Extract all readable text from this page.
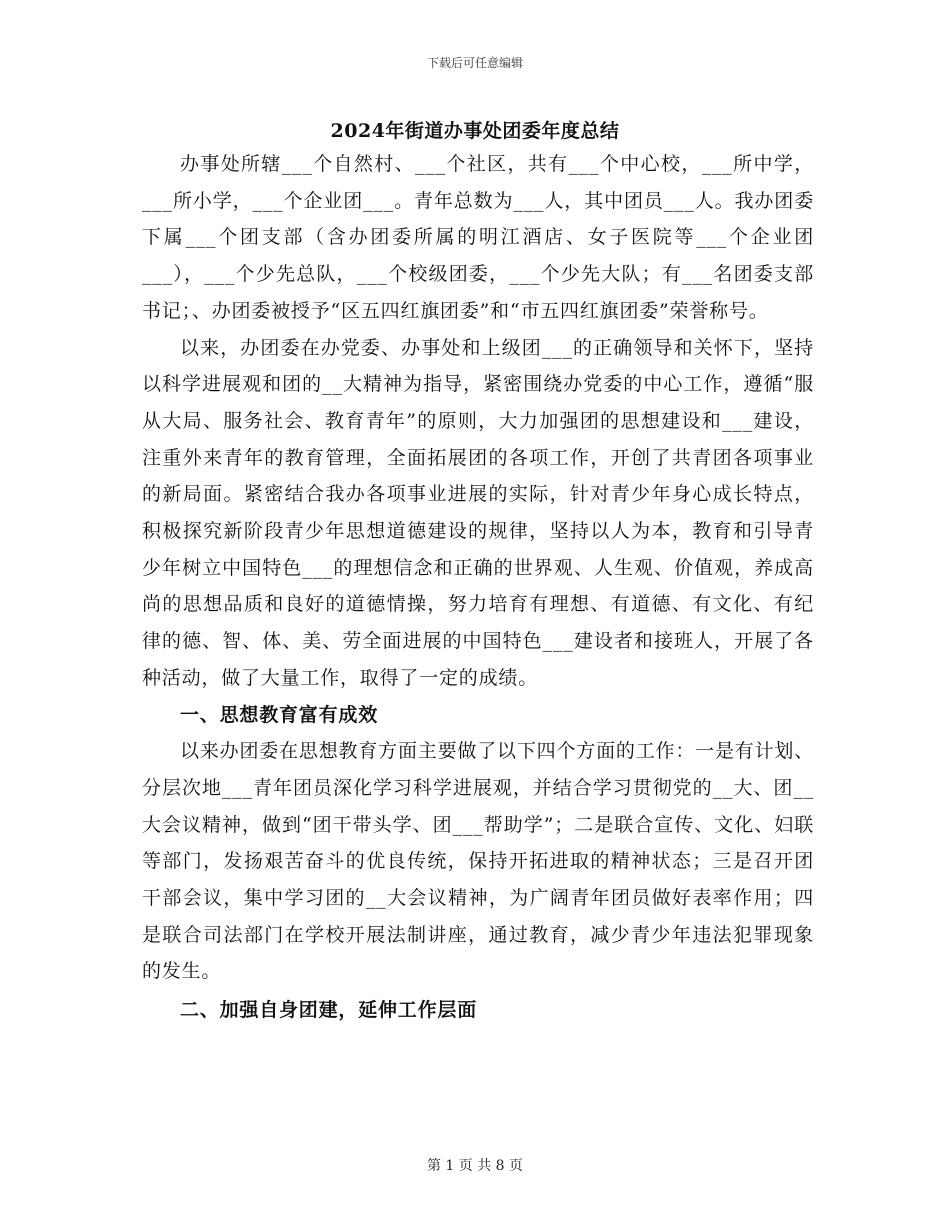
下载后可任意编辑
2024年街道办事处团委年度总结

办事处所辖___个自然村、___个社区，共有___个中心校，___所中学，___所小学，___个企业团___。青年总数为___人，其中团员___人。我办团委下属___个团支部（含办团委所属的明江酒店、女子医院等___个企业团___），___个少先总队，___个校级团委，___个少先大队；有___名团委支部书记；、办团委被授予“区五四红旗团委”和“市五四红旗团委”荣誉称号。

以来，办团委在办党委、办事处和上级团___的正确领导和关怀下，坚持以科学进展观和团的__大精神为指导，紧密围绕办党委的中心工作，遵循“服从大局、服务社会、教育青年”的原则，大力加强团的思想建设和___建设，注重外来青年的教育管理，全面拓展团的各项工作，开创了共青团各项事业的新局面。紧密结合我办各项事业进展的实际，针对青少年身心成长特点，积极探究新阶段青少年思想道德建设的规律，坚持以人为本，教育和引导青少年树立中国特色___的理想信念和正确的世界观、人生观、价值观，养成高尚的思想品质和良好的道德情操，努力培育有理想、有道德、有文化、有纪律的德、智、体、美、劳全面进展的中国特色___建设者和接班人，开展了各种活动，做了大量工作，取得了一定的成绩。

一、思想教育富有成效

以来办团委在思想教育方面主要做了以下四个方面的工作：一是有计划、分层次地___青年团员深化学习科学进展观，并结合学习贯彻党的__大、团__大会议精神，做到“团干带头学、团___帮助学”；二是联合宣传、文化、妇联等部门，发扬艰苦奋斗的优良传统，保持开拓进取的精神状态；三是召开团干部会议，集中学习团的__大会议精神，为广阔青年团员做好表率作用；四是联合司法部门在学校开展法制讲座，通过教育，减少青少年违法犯罪现象的发生。

二、加强自身团建，延伸工作层面
第 1 页 共 8 页
